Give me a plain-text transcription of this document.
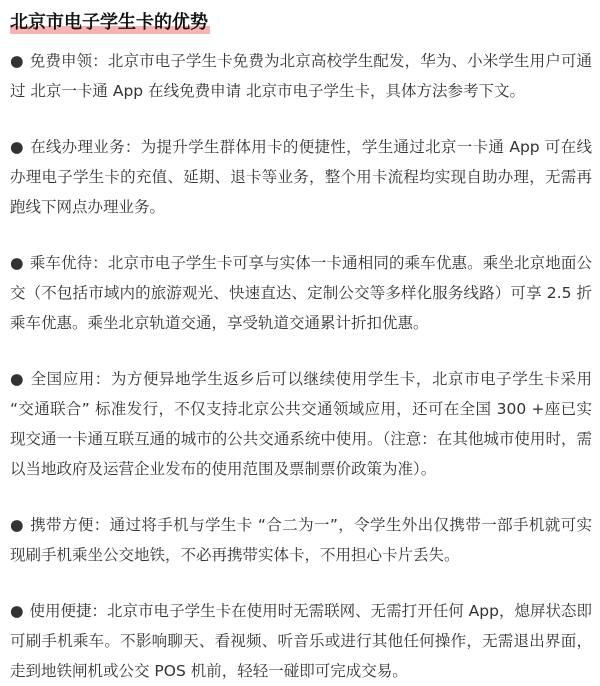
北京市电子学生卡的优势

● 免费申领：北京市电子学生卡免费为北京高校学生配发，华为、小米学生用户可通过 北京一卡通 App 在线免费申请 北京市电子学生卡，具体方法参考下文。

● 在线办理业务：为提升学生群体用卡的便捷性，学生通过北京一卡通 App 可在线办理电子学生卡的充值、延期、退卡等业务，整个用卡流程均实现自助办理，无需再跑线下网点办理业务。

● 乘车优待：北京市电子学生卡可享与实体一卡通相同的乘车优惠。乘坐北京地面公交（不包括市域内的旅游观光、快速直达、定制公交等多样化服务线路）可享 2.5 折乘车优惠。乘坐北京轨道交通，享受轨道交通累计折扣优惠。

● 全国应用：为方便异地学生返乡后可以继续使用学生卡，北京市电子学生卡采用 “交通联合” 标准发行，不仅支持北京公共交通领域应用，还可在全国 300 +座已实现交通一卡通互联互通的城市的公共交通系统中使用。（注意：在其他城市使用时，需以当地政府及运营企业发布的使用范围及票制票价政策为准）。

● 携带方便：通过将手机与学生卡 “合二为一”，令学生外出仅携带一部手机就可实现刷手机乘坐公交地铁，不必再携带实体卡，不用担心卡片丢失。

● 使用便捷：北京市电子学生卡在使用时无需联网、无需打开任何 App，熄屏状态即可刷手机乘车。不影响聊天、看视频、听音乐或进行其他任何操作，无需退出界面，走到地铁闸机或公交 POS 机前，轻轻一碰即可完成交易。
